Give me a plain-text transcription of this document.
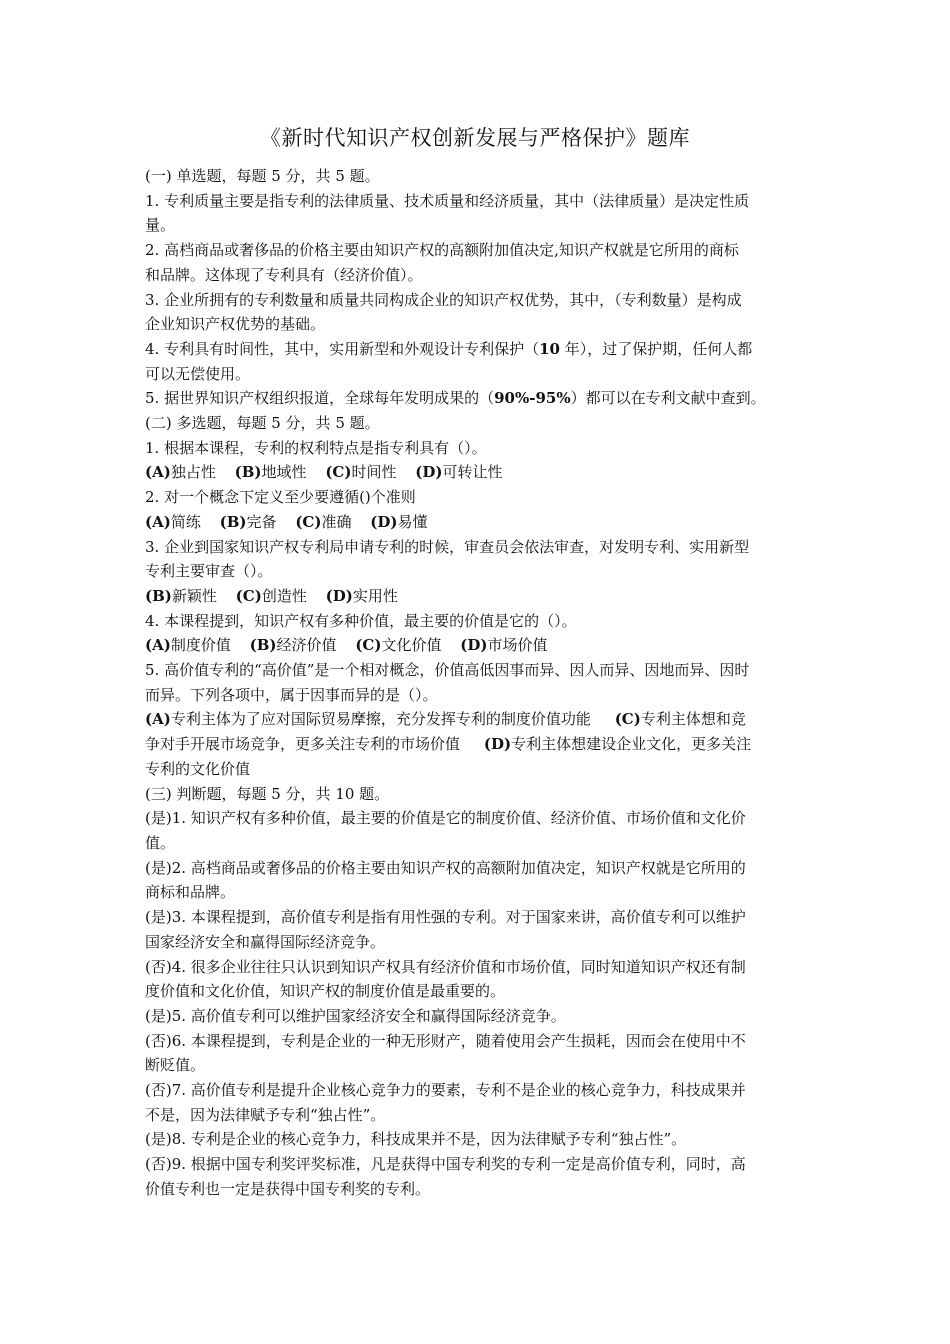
《新时代知识产权创新发展与严格保护》题库
(一) 单选题，每题 5 分，共 5 题。
1. 专利质量主要是指专利的法律质量、技术质量和经济质量，其中（法律质量）是决定性质
量。
2. 高档商品或奢侈品的价格主要由知识产权的高额附加值决定,知识产权就是它所用的商标
和品牌。这体现了专利具有（经济价值）。
3. 企业所拥有的专利数量和质量共同构成企业的知识产权优势，其中，（专利数量）是构成
企业知识产权优势的基础。
4. 专利具有时间性，其中，实用新型和外观设计专利保护（10 年），过了保护期，任何人都
可以无偿使用。
5. 据世界知识产权组织报道，全球每年发明成果的（90%-95%）都可以在专利文献中查到。
(二) 多选题，每题 5 分，共 5 题。
1. 根据本课程，专利的权利特点是指专利具有（）。
(A)独占性 (B)地域性 (C)时间性 (D)可转让性
2. 对一个概念下定义至少要遵循()个准则
(A)简练 (B)完备 (C)准确 (D)易懂
3. 企业到国家知识产权专利局申请专利的时候，审查员会依法审查，对发明专利、实用新型
专利主要审查（）。
(B)新颖性 (C)创造性 (D)实用性
4. 本课程提到，知识产权有多种价值，最主要的价值是它的（）。
(A)制度价值 (B)经济价值 (C)文化价值 (D)市场价值
5. 高价值专利的“高价值”是一个相对概念，价值高低因事而异、因人而异、因地而异、因时
而异。下列各项中，属于因事而异的是（）。
(A)专利主体为了应对国际贸易摩擦，充分发挥专利的制度价值功能 (C)专利主体想和竞
争对手开展市场竞争，更多关注专利的市场价值 (D)专利主体想建设企业文化，更多关注
专利的文化价值
(三) 判断题，每题 5 分，共 10 题。
(是)1. 知识产权有多种价值，最主要的价值是它的制度价值、经济价值、市场价值和文化价
值。
(是)2. 高档商品或奢侈品的价格主要由知识产权的高额附加值决定，知识产权就是它所用的
商标和品牌。
(是)3. 本课程提到，高价值专利是指有用性强的专利。对于国家来讲，高价值专利可以维护
国家经济安全和赢得国际经济竞争。
(否)4. 很多企业往往只认识到知识产权具有经济价值和市场价值，同时知道知识产权还有制
度价值和文化价值，知识产权的制度价值是最重要的。
(是)5. 高价值专利可以维护国家经济安全和赢得国际经济竞争。
(否)6. 本课程提到，专利是企业的一种无形财产，随着使用会产生损耗，因而会在使用中不
断贬值。
(否)7. 高价值专利是提升企业核心竞争力的要素，专利不是企业的核心竞争力，科技成果并
不是，因为法律赋予专利“独占性”。
(是)8. 专利是企业的核心竞争力，科技成果并不是，因为法律赋予专利“独占性”。
(否)9. 根据中国专利奖评奖标准，凡是获得中国专利奖的专利一定是高价值专利，同时，高
价值专利也一定是获得中国专利奖的专利。
